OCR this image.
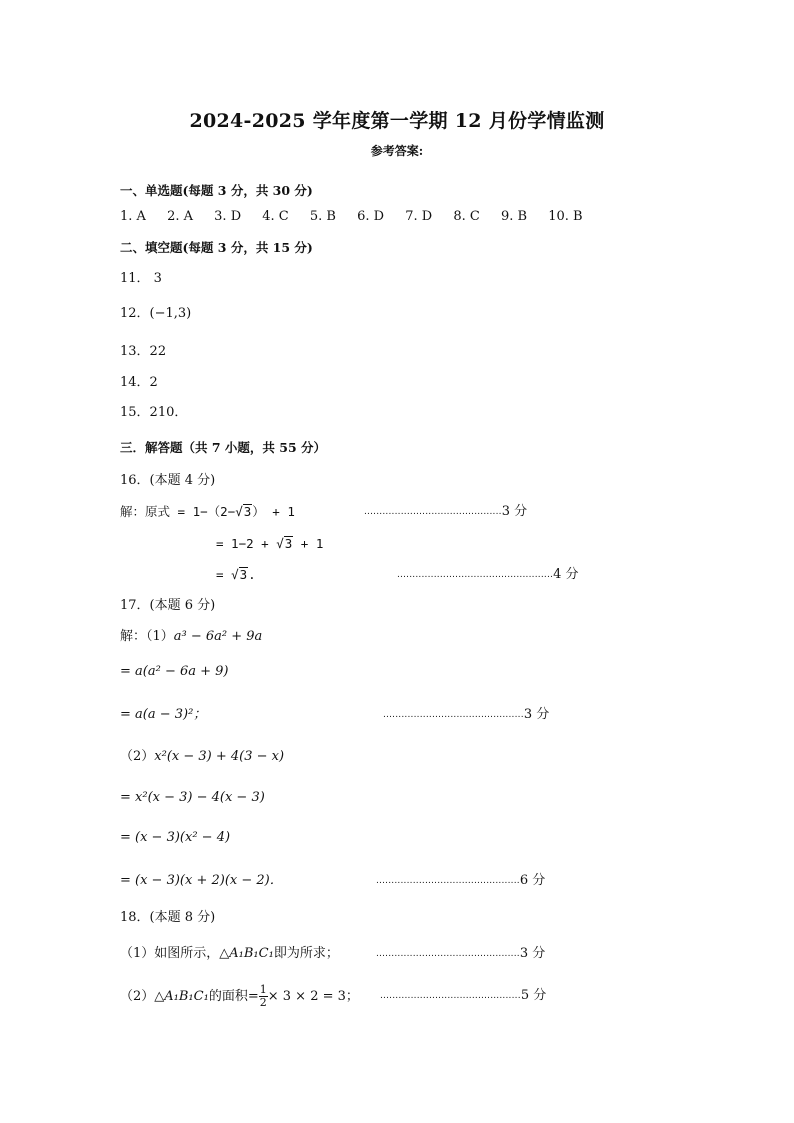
2024-2025 学年度第一学期 12 月份学情监测
参考答案:
一、单选题(每题 3 分，共 30 分)
1. A 2. A 3. D 4. C 5. B 6. D 7. D 8. C 9. B 10. B
二、填空题(每题 3 分，共 15 分)
11． 3
12．(−1,3)
13．22
14．2
15．210．
三．解答题（共 7 小题，共 55 分）
16．(本题 4 分)
解：原式 = 1−（2−√3） + 1	.............................................3 分
= 1−2 + √3 + 1
= √3.	...................................................4 分
17．(本题 6 分)
解：（1）a³ − 6a² + 9a
= a(a² − 6a + 9)
= a(a − 3)²；	..............................................3 分
（2）x²(x − 3) + 4(3 − x)
= x²(x − 3) − 4(x − 3)
= (x − 3)(x² − 4)
= (x − 3)(x + 2)(x − 2)．	...............................................6 分
18．(本题 8 分)
（1）如图所示，△A₁B₁C₁即为所求；	...............................................3 分
（2）△A₁B₁C₁的面积= $\frac{1}{2} \times 3 \times 2 = 3$； ..............................................5 分
